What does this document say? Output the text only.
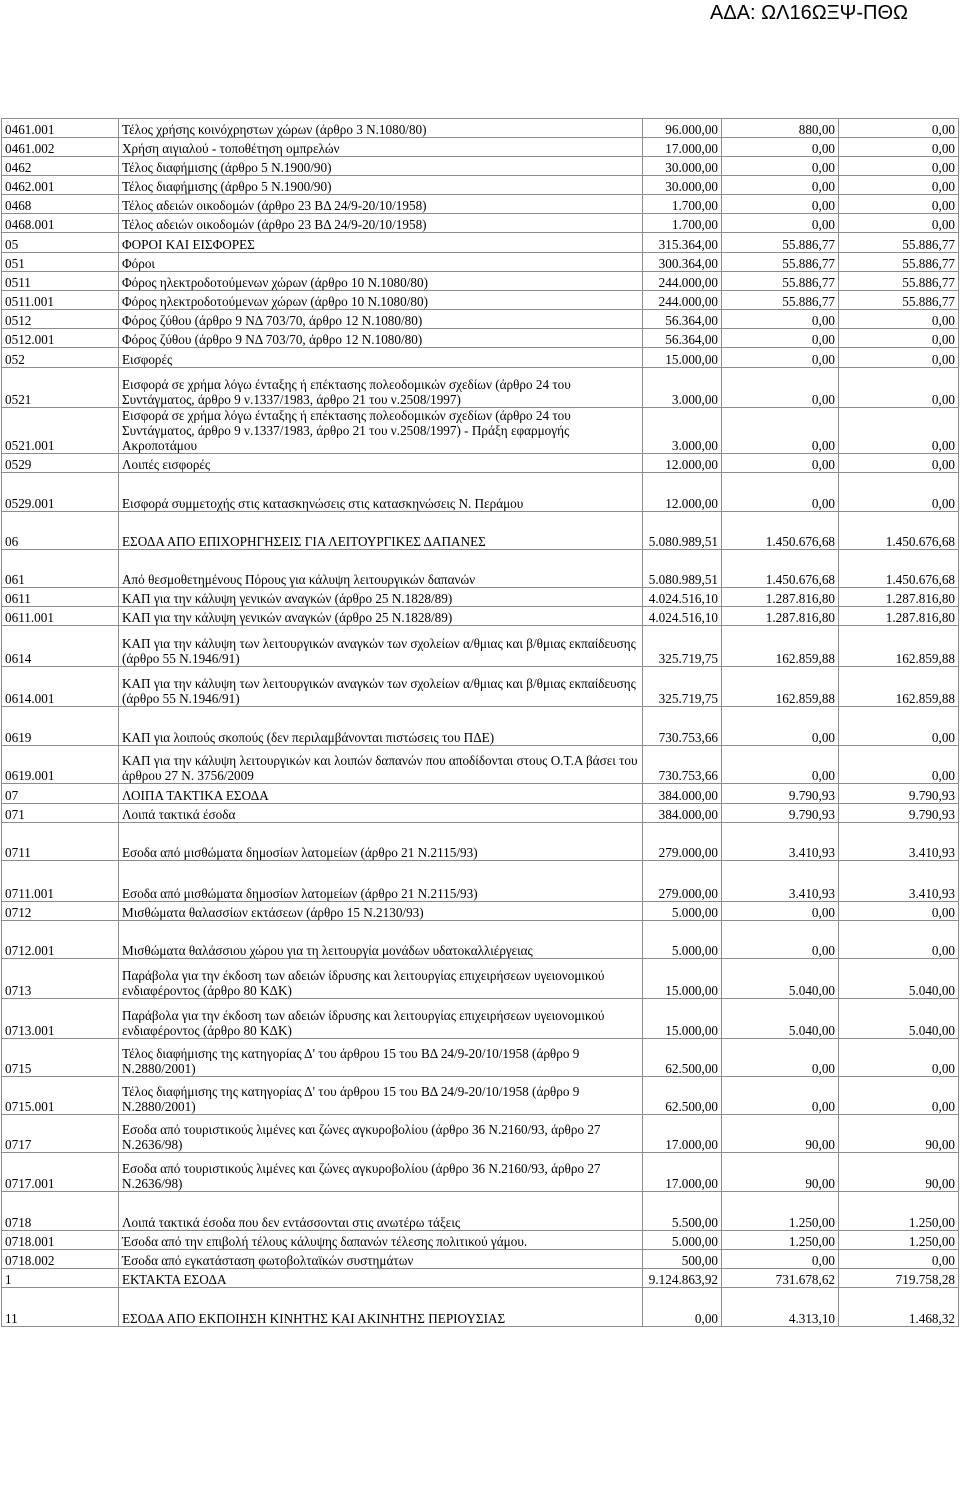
ΑΔΑ: ΩΛ16ΩΞΨ-ΠΘΩ
0461.001	Τέλος χρήσης κοινόχρηστων χώρων (άρθρο 3 Ν.1080/80)	96.000,00	880,00	0,00
0461.002	Χρήση αιγιαλού - τοποθέτηση ομπρελών	17.000,00	0,00	0,00
0462	Τέλος διαφήμισης (άρθρο 5 Ν.1900/90)	30.000,00	0,00	0,00
0462.001	Τέλος διαφήμισης (άρθρο 5 Ν.1900/90)	30.000,00	0,00	0,00
0468	Τέλος αδειών οικοδομών (άρθρο 23 ΒΔ 24/9-20/10/1958)	1.700,00	0,00	0,00
0468.001	Τέλος αδειών οικοδομών (άρθρο 23 ΒΔ 24/9-20/10/1958)	1.700,00	0,00	0,00
05	ΦΟΡΟΙ ΚΑΙ ΕΙΣΦΟΡΕΣ	315.364,00	55.886,77	55.886,77
051	Φόροι	300.364,00	55.886,77	55.886,77
0511	Φόρος ηλεκτροδοτούμενων χώρων (άρθρο 10 Ν.1080/80)	244.000,00	55.886,77	55.886,77
0511.001	Φόρος ηλεκτροδοτούμενων χώρων (άρθρο 10 Ν.1080/80)	244.000,00	55.886,77	55.886,77
0512	Φόρος ζύθου (άρθρο 9 ΝΔ 703/70, άρθρο 12 Ν.1080/80)	56.364,00	0,00	0,00
0512.001	Φόρος ζύθου (άρθρο 9 ΝΔ 703/70, άρθρο 12 Ν.1080/80)	56.364,00	0,00	0,00
052	Εισφορές	15.000,00	0,00	0,00
0521	Εισφορά σε χρήμα λόγω ένταξης ή επέκτασης πολεοδομικών σχεδίων (άρθρο 24 του Συντάγματος, άρθρο 9 ν.1337/1983, άρθρο 21 του ν.2508/1997)	3.000,00	0,00	0,00
0521.001	Εισφορά σε χρήμα λόγω ένταξης ή επέκτασης πολεοδομικών σχεδίων (άρθρο 24 του Συντάγματος, άρθρο 9 ν.1337/1983, άρθρο 21 του ν.2508/1997) - Πράξη εφαρμογής Ακροποτάμου	3.000,00	0,00	0,00
0529	Λοιπές εισφορές	12.000,00	0,00	0,00
0529.001	Εισφορά συμμετοχής στις κατασκηνώσεις στις κατασκηνώσεις Ν. Περάμου	12.000,00	0,00	0,00
06	ΕΣΟΔΑ ΑΠΟ ΕΠΙΧΟΡΗΓΗΣΕΙΣ ΓΙΑ ΛΕΙΤΟΥΡΓΙΚΕΣ ΔΑΠΑΝΕΣ	5.080.989,51	1.450.676,68	1.450.676,68
061	Από θεσμοθετημένους Πόρους για κάλυψη λειτουργικών δαπανών	5.080.989,51	1.450.676,68	1.450.676,68
0611	ΚΑΠ για την κάλυψη γενικών αναγκών (άρθρο 25 Ν.1828/89)	4.024.516,10	1.287.816,80	1.287.816,80
0611.001	ΚΑΠ για την κάλυψη γενικών αναγκών (άρθρο 25 Ν.1828/89)	4.024.516,10	1.287.816,80	1.287.816,80
0614	ΚΑΠ για την κάλυψη των λειτουργικών αναγκών των σχολείων α/θμιας και β/θμιας εκπαίδευσης (άρθρο 55 Ν.1946/91)	325.719,75	162.859,88	162.859,88
0614.001	ΚΑΠ για την κάλυψη των λειτουργικών αναγκών των σχολείων α/θμιας και β/θμιας εκπαίδευσης (άρθρο 55 Ν.1946/91)	325.719,75	162.859,88	162.859,88
0619	ΚΑΠ για λοιπούς σκοπούς (δεν περιλαμβάνονται πιστώσεις του ΠΔΕ)	730.753,66	0,00	0,00
0619.001	ΚΑΠ για την κάλυψη λειτουργικών και λοιπών δαπανών που αποδίδονται στους Ο.Τ.Α βάσει του άρθρου 27 Ν. 3756/2009	730.753,66	0,00	0,00
07	ΛΟΙΠΑ ΤΑΚΤΙΚΑ ΕΣΟΔΑ	384.000,00	9.790,93	9.790,93
071	Λοιπά τακτικά έσοδα	384.000,00	9.790,93	9.790,93
0711	Εσοδα από μισθώματα δημοσίων λατομείων (άρθρο 21 Ν.2115/93)	279.000,00	3.410,93	3.410,93
0711.001	Εσοδα από μισθώματα δημοσίων λατομείων (άρθρο 21 Ν.2115/93)	279.000,00	3.410,93	3.410,93
0712	Μισθώματα θαλασσίων εκτάσεων (άρθρο 15 Ν.2130/93)	5.000,00	0,00	0,00
0712.001	Μισθώματα θαλάσσιου χώρου για τη λειτουργία μονάδων υδατοκαλλιέργειας	5.000,00	0,00	0,00
0713	Παράβολα για την έκδοση των αδειών ίδρυσης και λειτουργίας επιχειρήσεων υγειονομικού ενδιαφέροντος (άρθρο 80 ΚΔΚ)	15.000,00	5.040,00	5.040,00
0713.001	Παράβολα για την έκδοση των αδειών ίδρυσης και λειτουργίας επιχειρήσεων υγειονομικού ενδιαφέροντος (άρθρο 80 ΚΔΚ)	15.000,00	5.040,00	5.040,00
0715	Τέλος διαφήμισης της κατηγορίας Δ' του άρθρου 15 του ΒΔ 24/9-20/10/1958 (άρθρο 9 Ν.2880/2001)	62.500,00	0,00	0,00
0715.001	Τέλος διαφήμισης της κατηγορίας Δ' του άρθρου 15 του ΒΔ 24/9-20/10/1958 (άρθρο 9 Ν.2880/2001)	62.500,00	0,00	0,00
0717	Εσοδα από τουριστικούς λιμένες και ζώνες αγκυροβολίου (άρθρο 36 Ν.2160/93, άρθρο 27 Ν.2636/98)	17.000,00	90,00	90,00
0717.001	Εσοδα από τουριστικούς λιμένες και ζώνες αγκυροβολίου (άρθρο 36 Ν.2160/93, άρθρο 27 Ν.2636/98)	17.000,00	90,00	90,00
0718	Λοιπά τακτικά έσοδα που δεν εντάσσονται στις ανωτέρω τάξεις	5.500,00	1.250,00	1.250,00
0718.001	Έσοδα από την επιβολή τέλους κάλυψης δαπανών τέλεσης πολιτικού γάμου.	5.000,00	1.250,00	1.250,00
0718.002	Έσοδα από εγκατάσταση φωτοβολταϊκών συστημάτων	500,00	0,00	0,00
1	ΕΚΤΑΚΤΑ ΕΣΟΔΑ	9.124.863,92	731.678,62	719.758,28
11	ΕΣΟΔΑ ΑΠΟ ΕΚΠΟΙΗΣΗ ΚΙΝΗΤΗΣ ΚΑΙ ΑΚΙΝΗΤΗΣ ΠΕΡΙΟΥΣΙΑΣ	0,00	4.313,10	1.468,32
